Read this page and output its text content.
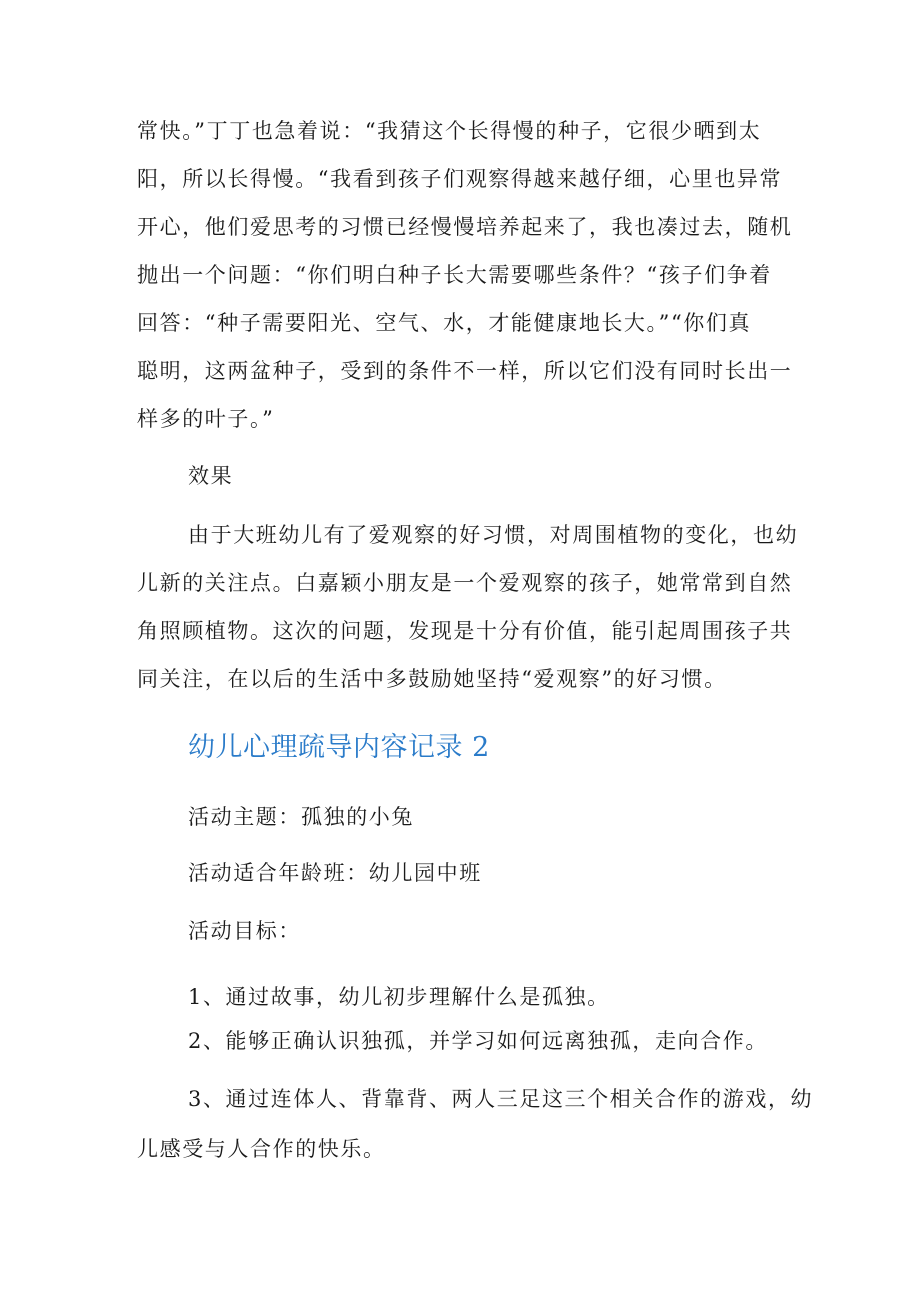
常快。”丁丁也急着说：“我猜这个长得慢的种子，它很少晒到太
阳，所以长得慢。“我看到孩子们观察得越来越仔细，心里也异常
开心，他们爱思考的习惯已经慢慢培养起来了，我也凑过去，随机
抛出一个问题：“你们明白种子长大需要哪些条件？“孩子们争着
回答：“种子需要阳光、空气、水，才能健康地长大。”“你们真
聪明，这两盆种子，受到的条件不一样，所以它们没有同时长出一
样多的叶子。”
效果
由于大班幼儿有了爱观察的好习惯，对周围植物的变化，也幼
儿新的关注点。白嘉颖小朋友是一个爱观察的孩子，她常常到自然
角照顾植物。这次的问题，发现是十分有价值，能引起周围孩子共
同关注，在以后的生活中多鼓励她坚持“爱观察”的好习惯。
幼儿心理疏导内容记录 2
活动主题：孤独的小兔
活动适合年龄班：幼儿园中班
活动目标：
1、通过故事，幼儿初步理解什么是孤独。
2、能够正确认识独孤，并学习如何远离独孤，走向合作。
3、通过连体人、背靠背、两人三足这三个相关合作的游戏，幼
儿感受与人合作的快乐。
